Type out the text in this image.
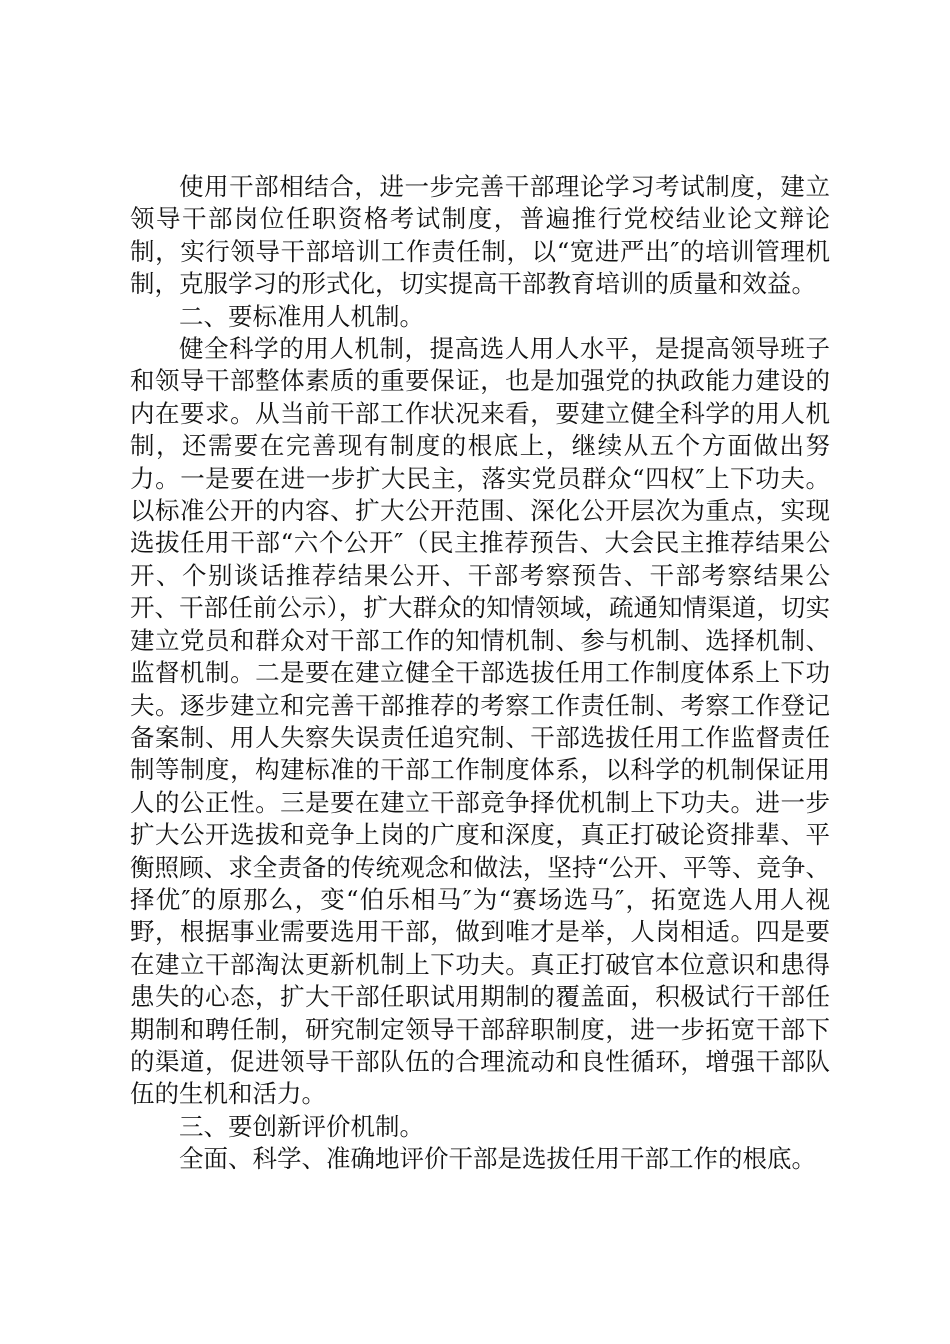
使用干部相结合，进一步完善干部理论学习考试制度，建立领导干部岗位任职资格考试制度，普遍推行党校结业论文辩论制，实行领导干部培训工作责任制，以“宽进严出″的培训管理机制，克服学习的形式化，切实提高干部教育培训的质量和效益。

二、要标准用人机制。

健全科学的用人机制，提高选人用人水平，是提高领导班子和领导干部整体素质的重要保证，也是加强党的执政能力建设的内在要求。从当前干部工作状况来看，要建立健全科学的用人机制，还需要在完善现有制度的根底上，继续从五个方面做出努力。一是要在进一步扩大民主，落实党员群众“四权″上下功夫。以标准公开的内容、扩大公开范围、深化公开层次为重点，实现选拔任用干部“六个公开″（民主推荐预告、大会民主推荐结果公开、个别谈话推荐结果公开、干部考察预告、干部考察结果公开、干部任前公示），扩大群众的知情领域，疏通知情渠道，切实建立党员和群众对干部工作的知情机制、参与机制、选择机制、监督机制。二是要在建立健全干部选拔任用工作制度体系上下功夫。逐步建立和完善干部推荐的考察工作责任制、考察工作登记备案制、用人失察失误责任追究制、干部选拔任用工作监督责任制等制度，构建标准的干部工作制度体系，以科学的机制保证用人的公正性。三是要在建立干部竞争择优机制上下功夫。进一步扩大公开选拔和竞争上岗的广度和深度，真正打破论资排辈、平衡照顾、求全责备的传统观念和做法，坚持“公开、平等、竞争、择优″的原那么，变“伯乐相马″为“赛场选马″，拓宽选人用人视野，根据事业需要选用干部，做到唯才是举，人岗相适。四是要在建立干部淘汰更新机制上下功夫。真正打破官本位意识和患得患失的心态，扩大干部任职试用期制的覆盖面，积极试行干部任期制和聘任制，研究制定领导干部辞职制度，进一步拓宽干部下的渠道，促进领导干部队伍的合理流动和良性循环，增强干部队伍的生机和活力。

三、要创新评价机制。

全面、科学、准确地评价干部是选拔任用干部工作的根底。
